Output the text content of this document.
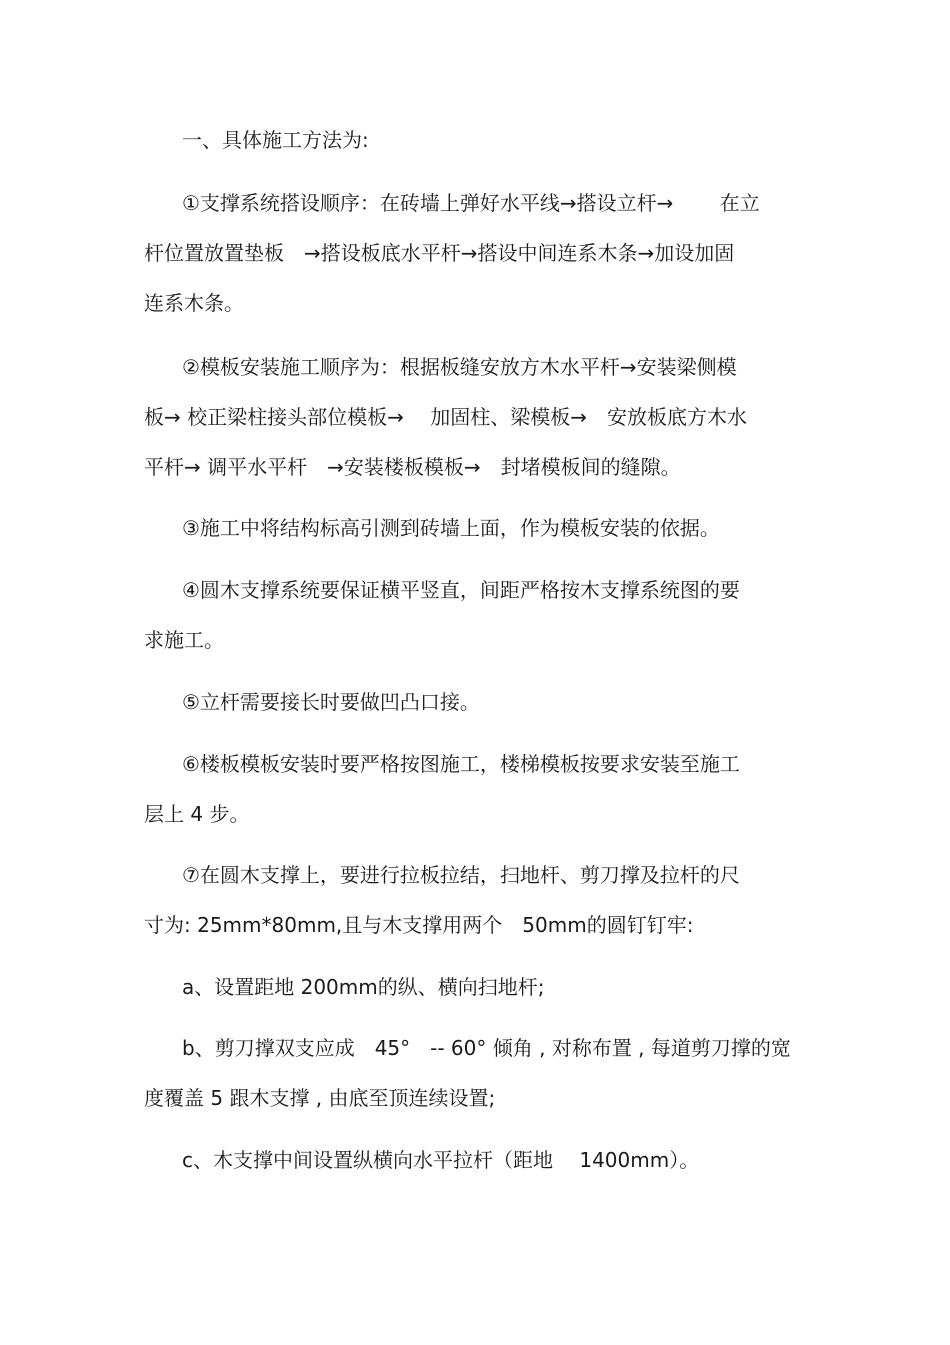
一、具体施工方法为:

①支撑系统搭设顺序：在砖墙上弹好水平线→搭设立杆→　　 在立
杆位置放置垫板　→搭设板底水平杆→搭设中间连系木条→加设加固
连系木条。

②模板安装施工顺序为：根据板缝安放方木水平杆→安装梁侧模
板→ 校正梁柱接头部位模板→　 加固柱、梁模板→　安放板底方木水
平杆→ 调平水平杆　→安装楼板模板→　封堵模板间的缝隙。

③施工中将结构标高引测到砖墙上面，作为模板安装的依据。

④圆木支撑系统要保证横平竖直，间距严格按木支撑系统图的要
求施工。

⑤立杆需要接长时要做凹凸口接。

⑥楼板模板安装时要严格按图施工，楼梯模板按要求安装至施工
层上 4 步。

⑦在圆木支撑上，要进行拉板拉结，扫地杆、剪刀撑及拉杆的尺
寸为: 25mm*80mm,且与木支撑用两个　50mm的圆钉钉牢:

a、设置距地 200mm的纵、横向扫地杆;

b、剪刀撑双支应成　45°　-- 60° 倾角 , 对称布置 , 每道剪刀撑的宽
度覆盖 5 跟木支撑 , 由底至顶连续设置;

c、木支撑中间设置纵横向水平拉杆（距地　 1400mm）。
